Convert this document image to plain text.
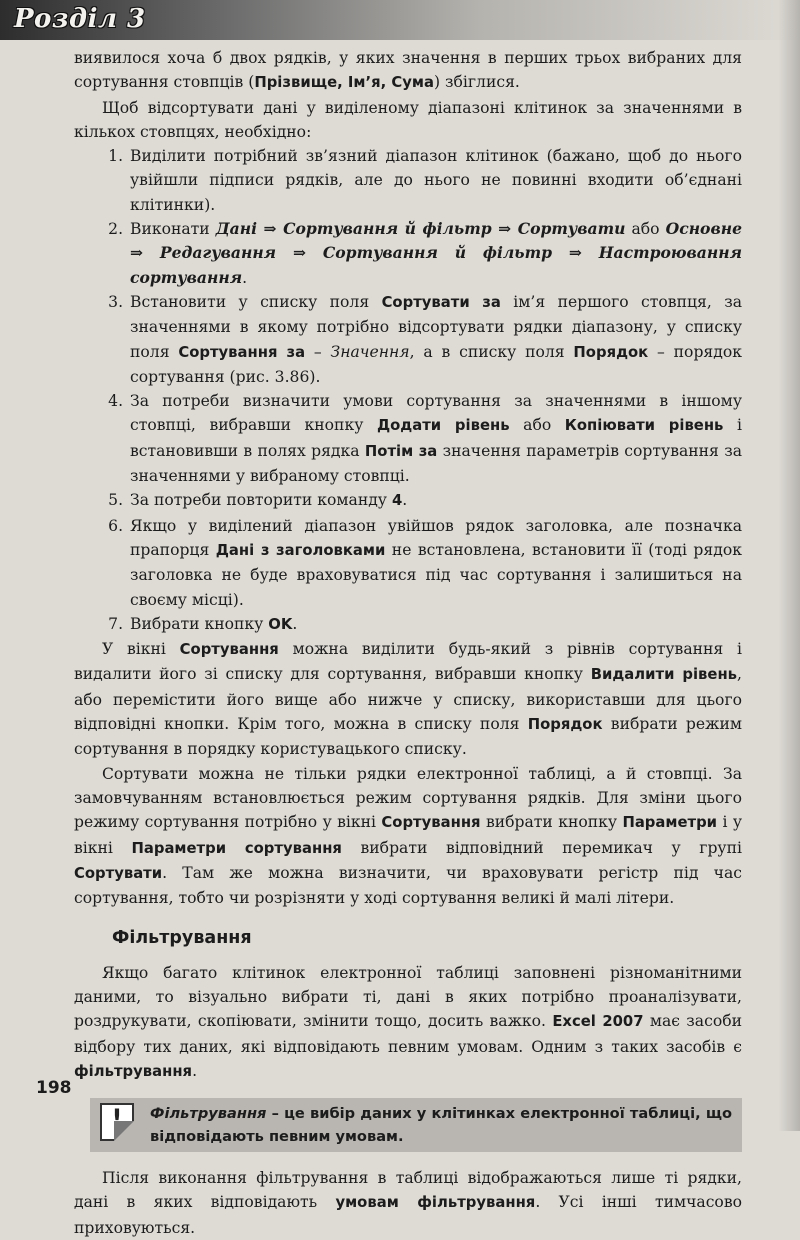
Розділ 3

виявилося хоча б двох рядків, у яких значення в перших трьох вибраних для сортування стовпців (Прізвище, Ім’я, Сума) збіглися.

Щоб відсортувати дані у виділеному діапазоні клітинок за значеннями в кількох стовпцях, необхідно:

1. Виділити потрібний зв’язний діапазон клітинок (бажано, щоб до нього увійшли підписи рядків, але до нього не повинні входити об’єднані клітинки).
2. Виконати Дані ⇒ Сортування й фільтр ⇒ Сортувати або Основне ⇒ Редагування ⇒ Сортування й фільтр ⇒ Настроювання сортування.
3. Встановити у списку поля Сортувати за ім’я першого стовпця, за значеннями в якому потрібно відсортувати рядки діапазону, у списку поля Сортування за – Значення, а в списку поля Порядок – порядок сортування (рис. 3.86).
4. За потреби визначити умови сортування за значеннями в іншому стовпці, вибравши кнопку Додати рівень або Копіювати рівень і встановивши в полях рядка Потім за значення параметрів сортування за значеннями у вибраному стовпці.
5. За потреби повторити команду 4.
6. Якщо у виділений діапазон увійшов рядок заголовка, але позначка прапорця Дані з заголовками не встановлена, встановити її (тоді рядок заголовка не буде враховуватися під час сортування і залишиться на своєму місці).
7. Вибрати кнопку OK.

У вікні Сортування можна виділити будь-який з рівнів сортування і видалити його зі списку для сортування, вибравши кнопку Видалити рівень, або перемістити його вище або нижче у списку, використавши для цього відповідні кнопки. Крім того, можна в списку поля Порядок вибрати режим сортування в порядку користувацького списку.

Сортувати можна не тільки рядки електронної таблиці, а й стовпці. За замовчуванням встановлюється режим сортування рядків. Для зміни цього режиму сортування потрібно у вікні Сортування вибрати кнопку Параметри і у вікні Параметри сортування вибрати відповідний перемикач у групі Сортувати. Там же можна визначити, чи враховувати регістр під час сортування, тобто чи розрізняти у ході сортування великі й малі літери.

Фільтрування

Якщо багато клітинок електронної таблиці заповнені різноманітними даними, то візуально вибрати ті, дані в яких потрібно проаналізувати, роздрукувати, скопіювати, змінити тощо, досить важко. Excel 2007 має засоби відбору тих даних, які відповідають певним умовам. Одним з таких засобів є фільтрування.

!	Фільтрування – це вибір даних у клітинках електронної таблиці, що відповідають певним умовам.

Після виконання фільтрування в таблиці відображаються лише ті рядки, дані в яких відповідають умовам фільтрування. Усі інші тимчасово приховуються.

198
